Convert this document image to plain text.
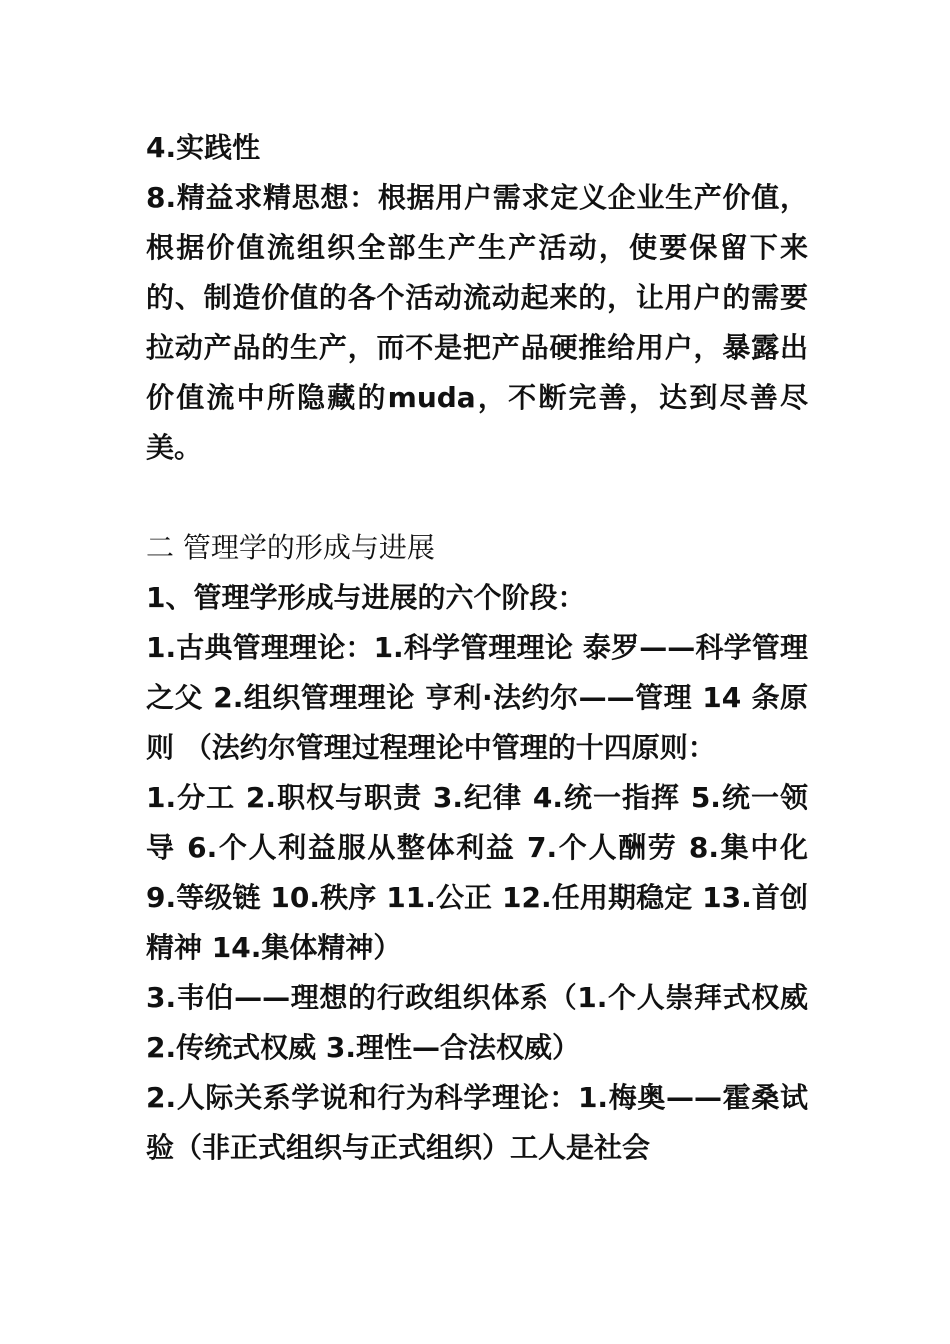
4.实践性

8.精益求精思想：根据用户需求定义企业生产价值，根据价值流组织全部生产生产活动，使要保留下来的、制造价值的各个活动流动起来的，让用户的需要拉动产品的生产，而不是把产品硬推给用户，暴露出价值流中所隐藏的muda，不断完善，达到尽善尽美。

二 管理学的形成与进展

1、管理学形成与进展的六个阶段：

1.古典管理理论：1.科学管理理论 泰罗——科学管理之父 2.组织管理理论 亨利·法约尔——管理 14 条原则 （法约尔管理过程理论中管理的十四原则：

1.分工 2.职权与职责 3.纪律 4.统一指挥 5.统一领导 6.个人利益服从整体利益 7.个人酬劳 8.集中化 9.等级链 10.秩序 11.公正 12.任用期稳定 13.首创精神 14.集体精神）

3.韦伯——理想的行政组织体系（1.个人崇拜式权威 2.传统式权威 3.理性—合法权威）

2.人际关系学说和行为科学理论：1.梅奥——霍桑试验（非正式组织与正式组织）工人是社会
